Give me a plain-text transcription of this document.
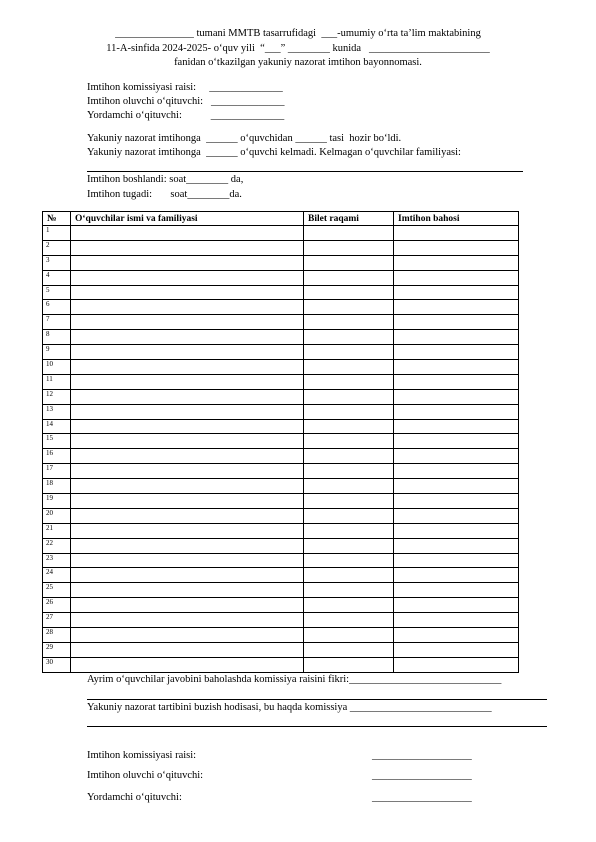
_______________ tumani MMTB tasarrufidagi  ___-umumiy o‘rta ta’lim maktabining
11-A-sinfida 2024-2025- o‘quv yili  “___” ________ kunida   _______________________
fanidan o‘tkazilgan yakuniy nazorat imtihon bayonnomasi.
Imtihon komissiyasi raisi:     ______________
Imtihon oluvchi o‘qituvchi:   ______________
Yordamchi o‘qituvchi:           ______________
Yakuniy nazorat imtihonga  ______ o‘quvchidan ______ tasi  hozir bo‘ldi.
Yakuniy nazorat imtihonga  ______ o‘quvchi kelmadi. Kelmagan o‘quvchilar familiyasi:
Imtihon boshlandi: soat________ da,
Imtihon tugadi:       soat________da.
№	O‘quvchilar ismi va familiyasi	Bilet raqami	Imtihon bahosi
1			
2			
3			
4			
5			
6			
7			
8			
9			
10			
11			
12			
13			
14			
15			
16			
17			
18			
19			
20			
21			
22			
23			
24			
25			
26			
27			
28			
29			
30			
Ayrim o‘quvchilar javobini baholashda komissiya raisini fikri:_____________________________
Yakuniy nazorat tartibini buzish hodisasi, bu haqda komissiya ___________________________
Imtihon komissiyasi raisi:	___________________
Imtihon oluvchi o‘qituvchi:	___________________
Yordamchi o‘qituvchi:	___________________
